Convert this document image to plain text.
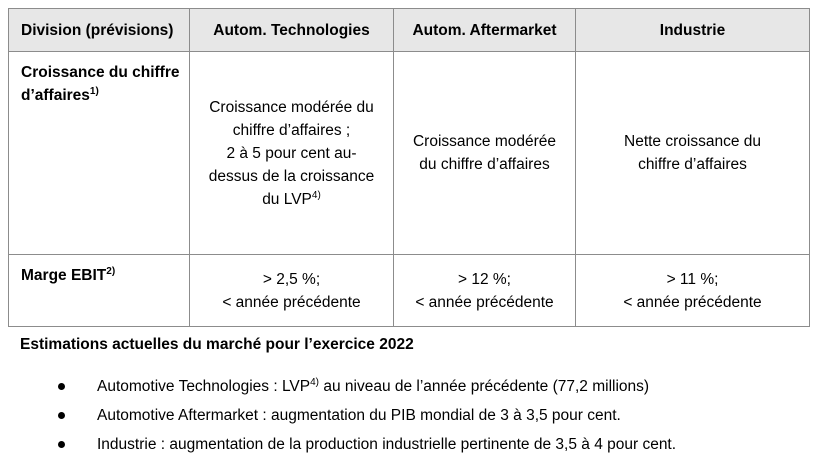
Division (prévisions)	Autom. Technologies	Autom. Aftermarket	Industrie

Croissance du chiffre
d’affaires$^{1)}$	Croissance modérée du
chiffre d’affaires ;
2 à 5 pour cent au-
dessus de la croissance
du LVP$^{4)}$	Croissance modérée
du chiffre d’affaires	Nette croissance du
chiffre d’affaires

Marge $EBIT^{2)}$	> 2,5 %;
< année précédente	> 12 %;
< année précédente	> 11 %;
< année précédente
Estimations actuelles du marché pour l’exercice 2022
Automotive Technologies : LVP$^{4)}$ au niveau de l’année précédente (77,2 millions)
Automotive Aftermarket : augmentation du PIB mondial de 3 à 3,5 pour cent.
Industrie : augmentation de la production industrielle pertinente de 3,5 à 4 pour cent.
